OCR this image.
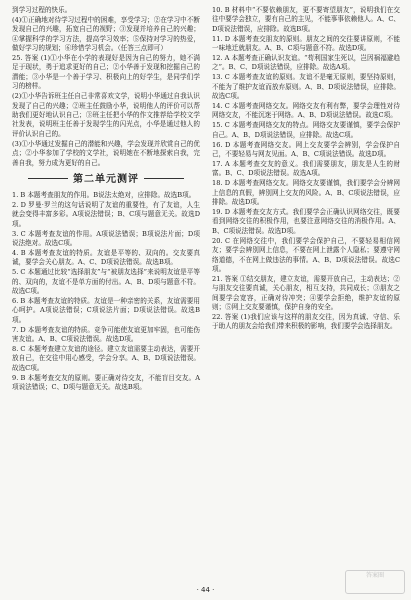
到学习过程的快乐。

(4)①正确地对待学习过程中的困难，享受学习；②在学习中不断发现自己的兴趣，拓宽自己的视野；③发现并培养自己的兴趣；④掌握科学的学习方法，提高学习效率；⑤保持对学习的热爱，做好学习的规划；⑥珍惜学习机会。（任答三点即可）

25. 答案 (1)①小华在小学的表现好是因为自己的努力，她不满足于现状，勇于追求更好的自己；②小华善于发现和挖掘自己的潜能；③小华是一个善于学习、积极向上的好学生，是同学们学习的榜样。

(2)①小华告诉班主任自己非常喜欢文学，说明小华通过自我认识发现了自己的兴趣；②班主任鼓励小华，说明他人的评价可以帮助我们更好地认识自己；③班主任把小华的作文推荐给学校文学社发表，说明班主任善于发现学生的闪光点，小华是通过他人的评价认识自己的。

(3)①小华通过发掘自己的潜能和兴趣，学会发现并欣赏自己的优点；②小华参加了学校的文学社，说明她在不断地探索自我，完善自我，努力成为更好的自己。

第二单元测评

1. B 本题考查朋友的作用。B说法太绝对，应排除。故选B项。

2. D 罗曼·罗兰的这句话说明了友谊的重要性，有了友谊，人生就会变得丰富多彩。A项说法错误；B、C项与题意无关。故选D项。

3. C 本题考查友谊的作用。A项说法错误；B项说法片面；D项说法绝对。故选C项。

4. B 本题考查友谊的特质。友谊是平等的、双向的。交友要真诚，要学会关心朋友。A、C、D项说法错误。故选B项。

5. C 本题通过比较“选择朋友”与“被朋友选择”来说明友谊是平等的、双向的，友谊不是单方面的付出。A、B、D项与题意不符。故选C项。

6. B 本题考查友谊的特质。友谊是一种亲密的关系，友谊需要用心呵护。A项说法错误；C项说法片面；D项说法错误。故选B项。

7. D 本题考查友谊的特质。竞争可能使友谊更加牢固，也可能伤害友谊。A、B、C项说法错误。故选D项。

8. C 本题考查建立友谊的途径。建立友谊需要主动表达，需要开放自己，在交往中用心感受，学会分享。A、B、D项说法错误。故选C项。

9. B 本题考查交友的原则。要正确对待交友，不能盲目交友。A项说法错误；C、D项与题意无关。故选B项。

10. B 材料中“不要依赖朋友，更不要寄望朋友”，说明我们在交往中要学会独立，要有自己的主见，不能事事依赖他人。A、C、D项说法错误，应排除。故选B项。

11. D 本题考查交朋友的原则。朋友之间的交往要讲原则，不能一味地迁就朋友。A、B、C项与题意不符。故选D项。

12. A 本题考查正确认识友谊。“苟利国家生死以，岂因祸福避趋之”。B、C、D项说法错误，应排除。故选A项。

13. C 本题考查友谊的原则。友谊不是毫无原则，要坚持原则，不能为了维护友谊而放弃原则。A、B、D项说法错误，应排除。故选C项。

14. C 本题考查网络交友。网络交友有利有弊，要学会理性对待网络交友，不能沉迷于网络。A、B、D项说法错误。故选C项。

15. C 本题考查网络交友的特点。网络交友要谨慎，要学会保护自己。A、B、D项说法错误，应排除。故选C项。

16. D 本题考查网络交友。网上交友要学会辨别，学会保护自己，不要轻易与网友见面。A、B、C项说法错误。故选D项。

17. A 本题考查交友的意义。我们需要朋友，朋友是人生的财富。B、C、D项说法错误。故选A项。

18. D 本题考查网络交友。网络交友要谨慎，我们要学会分辨网上信息的真假，辨别网上交友的风险。A、B、C项说法错误，应排除。故选D项。

19. D 本题考查交友方式。我们要学会正确认识网络交往，既要看到网络交往的积极作用，也要注意网络交往的消极作用。A、B、C项说法错误。故选D项。

20. C 在网络交往中，我们要学会保护自己，不要轻易相信网友；要学会辨别网上信息，不要在网上泄露个人隐私；要遵守网络道德，不在网上做违法的事情。A、B、D项说法错误。故选C项。

21. 答案 ①结交朋友，建立友谊，需要开放自己，主动表达；②与朋友交往要真诚，关心朋友，相互支持，共同成长；③朋友之间要学会宽容，正确对待冲突；④要学会拒绝，维护友谊的原则；⑤网上交友要谨慎，保护自身的安全。

22. 答案 (1)我们应该与这样的朋友交往，因为真诚、守信、乐于助人的朋友会给我们带来积极的影响，我们要学会选择朋友。

· 44 ·
答案圈
